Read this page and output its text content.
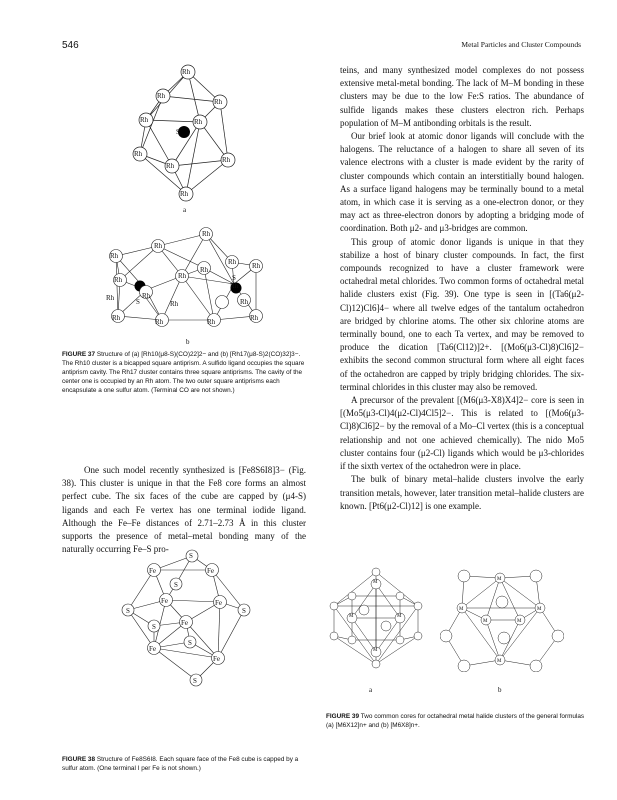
546	Metal Particles and Cluster Compounds
Rh
Rh
Rh
Rh	Rh
Rh
Rh
Rh
Rh
S
a
Rh
Rh
Rh
Rh Rh
Rh	Rh
Rh
Rh	Rh
Rh
Rh
Rh	Rh	Rh	Rh
Rh
S
S
b
FIGURE 37 Structure of (a) [Rh10(μ8-S)(CO)22]2− and (b) [Rh17(μ8-S)2(CO)32]3−. The Rh10 cluster is a bicapped square antiprism. A sulfido ligand occupies the square antiprism cavity. The Rh17 cluster contains three square antiprisms. The cavity of the center one is occupied by an Rh atom. The two outer square antiprisms each encapsulate a one sulfur atom. (Terminal CO are not shown.)

One such model recently synthesized is [Fe8S6I8]3− (Fig. 38). This cluster is unique in that the Fe8 core forms an almost perfect cube. The six faces of the cube are capped by (μ4-S) ligands and each Fe vertex has one terminal iodide ligand. Although the Fe–Fe distances of 2.71–2.73 Å in this cluster supports the presence of metal–metal bonding many of the naturally occurring Fe–S pro-

S
Fe	Fe
S
Fe	Fe
S	S
Fe
S
S
Fe
Fe
S
FIGURE 38 Structure of Fe8S6I8. Each square face of the Fe8 cube is capped by a sulfur atom. (One terminal I per Fe is not shown.)

teins, and many synthesized model complexes do not possess extensive metal-metal bonding. The lack of M–M bonding in these clusters may be due to the low Fe:S ratios. The abundance of sulfide ligands makes these clusters electron rich. Perhaps population of M–M antibonding orbitals is the result.

Our brief look at atomic donor ligands will conclude with the halogens. The reluctance of a halogen to share all seven of its valence electrons with a cluster is made evident by the rarity of cluster compounds which contain an interstitially bound halogen. As a surface ligand halogens may be terminally bound to a metal atom, in which case it is serving as a one-electron donor, or they may act as three-electron donors by adopting a bridging mode of coordination. Both μ2- and μ3-bridges are common.

This group of atomic donor ligands is unique in that they stabilize a host of binary cluster compounds. In fact, the first compounds recognized to have a cluster framework were octahedral metal chlorides. Two common forms of octahedral metal halide clusters exist (Fig. 39). One type is seen in [(Ta6(μ2-Cl)12)Cl6]4− where all twelve edges of the tantalum octahedron are bridged by chlorine atoms. The other six chlorine atoms are terminally bound, one to each Ta vertex, and may be removed to produce the dication [Ta6(Cl12)]2+. [(Mo6(μ3-Cl)8)Cl6]2− exhibits the second common structural form where all eight faces of the octahedron are capped by triply bridging chlorides. The six-terminal chlorides in this cluster may also be removed.

A precursor of the prevalent [(M6(μ3-X8)X4]2− core is seen in [(Mo5(μ3-Cl)4(μ2-Cl)4Cl5]2−. This is related to [(Mo6(μ3-Cl)8)Cl6]2− by the removal of a Mo–Cl vertex (this is a conceptual relationship and not one achieved chemically). The nido Mo5 cluster contains four (μ2-Cl) ligands which would be μ3-chlorides if the sixth vertex of the octahedron were in place.

The bulk of binary metal–halide clusters involve the early transition metals, however, later transition metal–halide clusters are known. [Pt6(μ2-Cl)12] is one example.

M
M	M
M
a
M
M	M
M	M
M
b
FIGURE 39 Two common cores for octahedral metal halide clusters of the general formulas (a) [M6X12]n+ and (b) [M6X8]n+.
